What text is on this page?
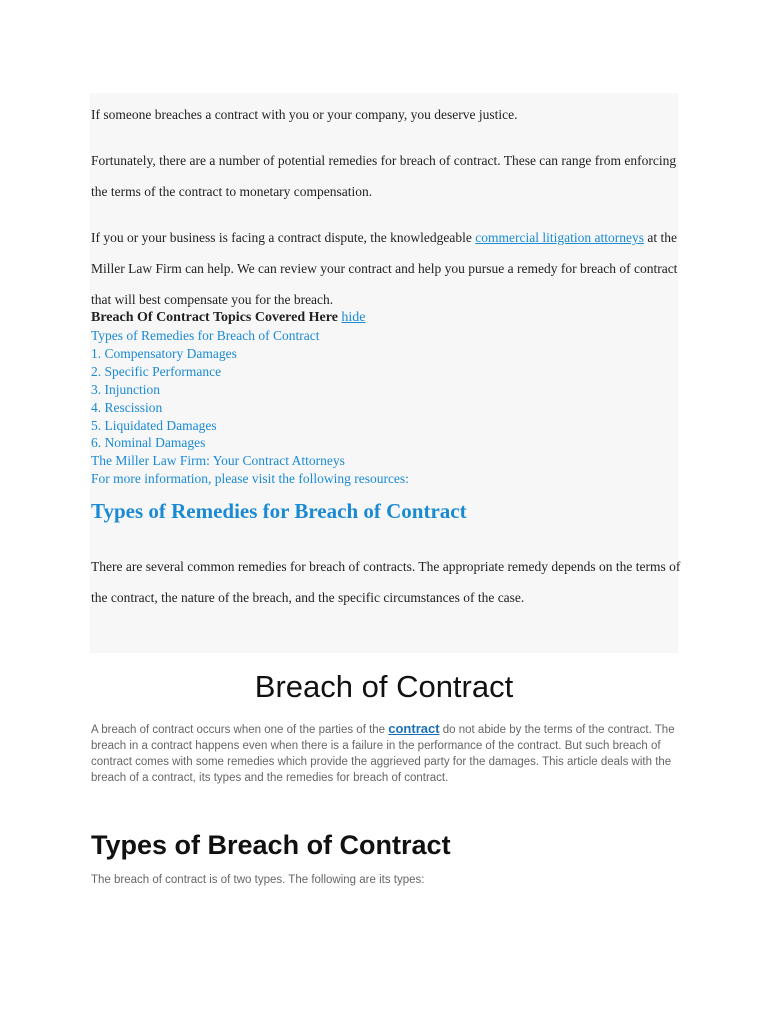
If someone breaches a contract with you or your company, you deserve justice.
Fortunately, there are a number of potential remedies for breach of contract. These can range from enforcing the terms of the contract to monetary compensation.
If you or your business is facing a contract dispute, the knowledgeable commercial litigation attorneys at the Miller Law Firm can help. We can review your contract and help you pursue a remedy for breach of contract that will best compensate you for the breach.
Breach Of Contract Topics Covered Here hide
Types of Remedies for Breach of Contract
1. Compensatory Damages
2. Specific Performance
3. Injunction
4. Rescission
5. Liquidated Damages
6. Nominal Damages
The Miller Law Firm: Your Contract Attorneys
For more information, please visit the following resources:
Types of Remedies for Breach of Contract
There are several common remedies for breach of contracts. The appropriate remedy depends on the terms of the contract, the nature of the breach, and the specific circumstances of the case.
Breach of Contract
A breach of contract occurs when one of the parties of the contract do not abide by the terms of the contract. The breach in a contract happens even when there is a failure in the performance of the contract. But such breach of contract comes with some remedies which provide the aggrieved party for the damages. This article deals with the breach of a contract, its types and the remedies for breach of contract.
Types of Breach of Contract
The breach of contract is of two types. The following are its types:
